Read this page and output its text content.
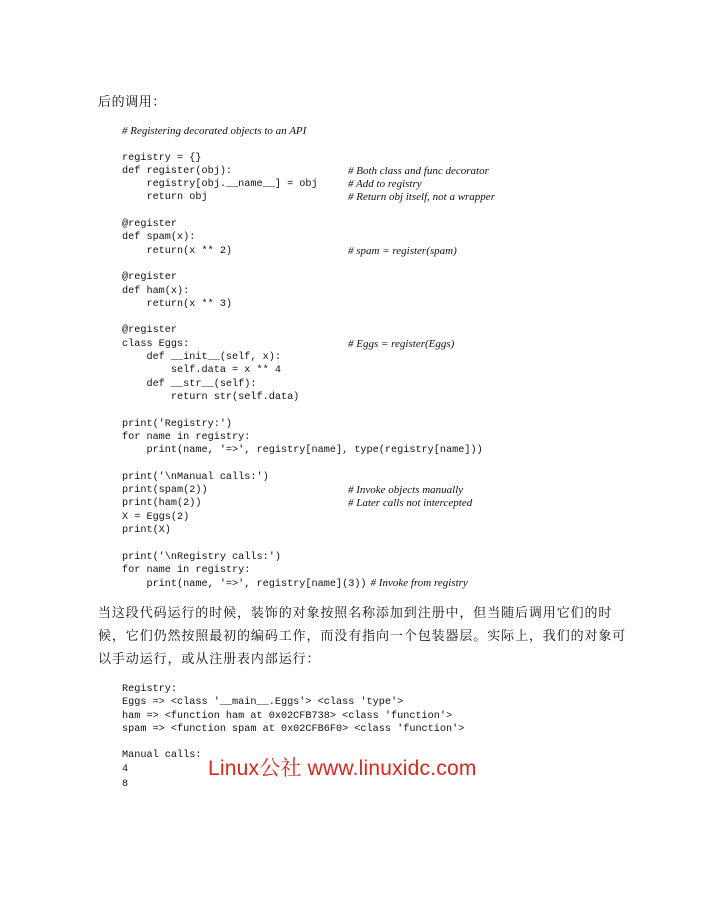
后的调用：
# Registering decorated objects to an API
registry = {}
def register(obj):	# Both class and func decorator
registry[obj.__name__] = obj	# Add to registry
return obj	# Return obj itself, not a wrapper
@register
def spam(x):
return(x ** 2)	# spam = register(spam)
@register
def ham(x):
return(x ** 3)
@register
class Eggs:	# Eggs = register(Eggs)
def __init__(self, x):
self.data = x ** 4
def __str__(self):
return str(self.data)
print('Registry:')
for name in registry:
print(name, '=>', registry[name], type(registry[name]))
print('\nManual calls:')
print(spam(2))	# Invoke objects manually
print(ham(2))	# Later calls not intercepted
X = Eggs(2)
print(X)
print('\nRegistry calls:')
for name in registry:
print(name, '=>', registry[name](3)) # Invoke from registry
当这段代码运行的时候，装饰的对象按照名称添加到注册中，但当随后调用它们的时
候，它们仍然按照最初的编码工作，而没有指向一个包装器层。实际上，我们的对象可
以手动运行，或从注册表内部运行：
Registry:
Eggs => <class '__main__.Eggs'> <class 'type'>
ham => <function ham at 0x02CFB738> <class 'function'>
spam => <function spam at 0x02CFB6F0> <class 'function'>
Manual calls:
4
8
Linux公社 www.linuxidc.com
